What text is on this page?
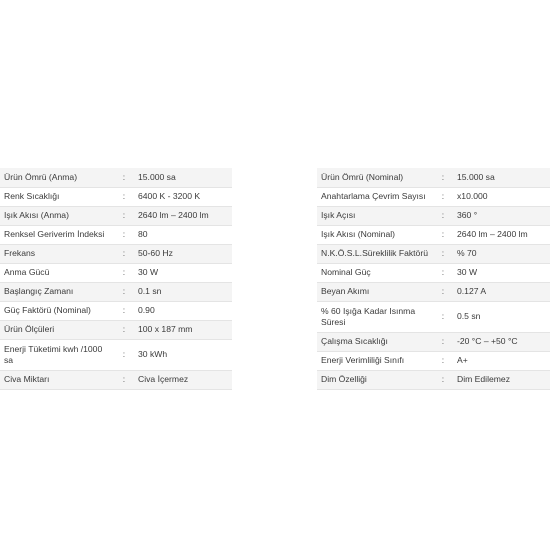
Ürün Ömrü (Anma)	:	15.000 sa
Renk Sıcaklığı	:	6400 K - 3200 K
Işık Akısı (Anma)	:	2640 lm – 2400 lm
Renksel Geriverim İndeksi	:	80
Frekans	:	50-60 Hz
Anma Gücü	:	30 W
Başlangıç Zamanı	:	0.1 sn
Güç Faktörü (Nominal)	:	0.90
Ürün Ölçüleri	:	100 x 187 mm
Enerji Tüketimi kwh /1000 sa	:	30 kWh
Civa Miktarı	:	Civa İçermez
Ürün Ömrü (Nominal)	:	15.000 sa
Anahtarlama Çevrim Sayısı	:	x10.000
Işık Açısı	:	360 °
Işık Akısı (Nominal)	:	2640 lm – 2400 lm
N.K.Ö.S.L.Süreklilik Faktörü	:	% 70
Nominal Güç	:	30 W
Beyan Akımı	:	0.127 A
% 60 Işığa Kadar Isınma Süresi	:	0.5 sn
Çalışma Sıcaklığı	:	-20 °C – +50 °C
Enerji Verimliliği Sınıfı	:	A+
Dim Özelliği	:	Dim Edilemez
